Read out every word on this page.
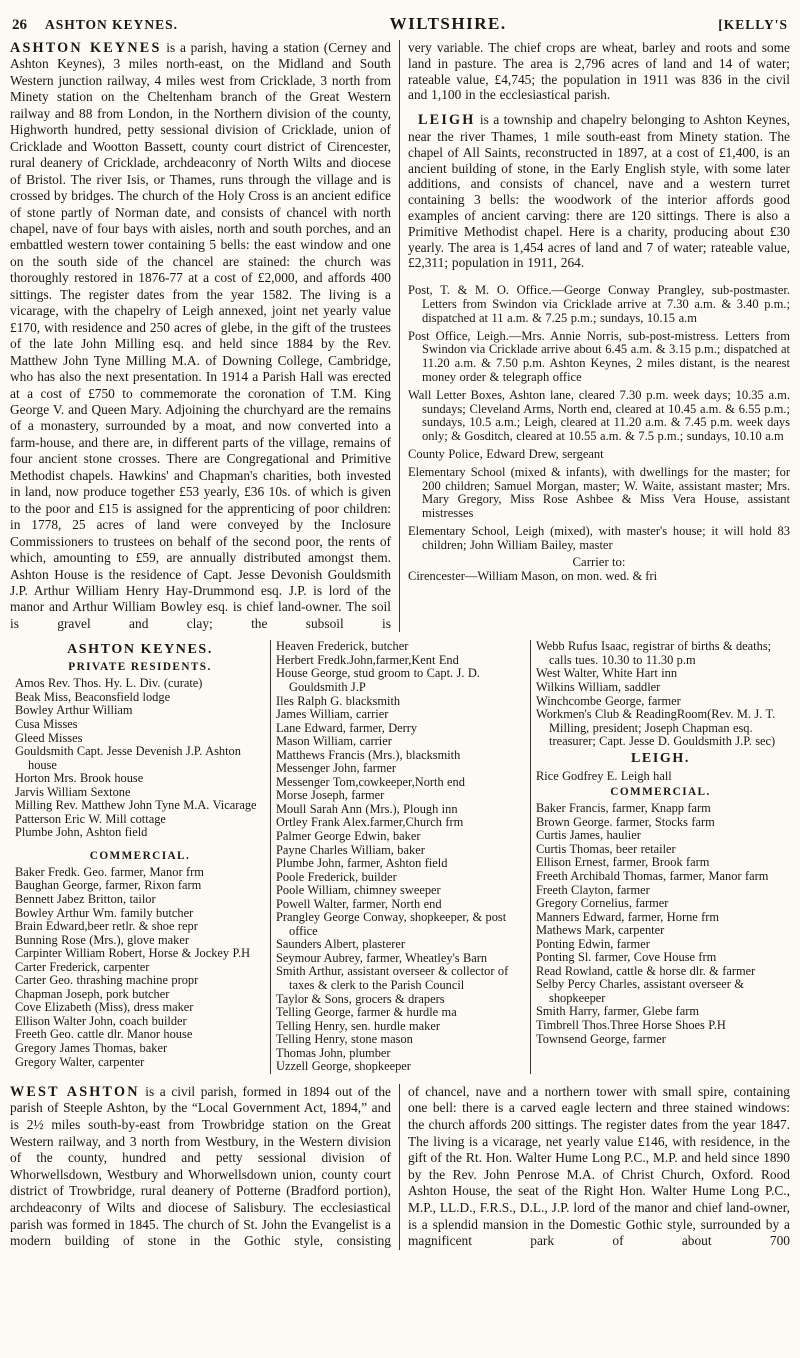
26 ASHTON KEYNES.	WILTSHIRE.	[KELLY'S

ASHTON KEYNES is a parish, having a station (Cerney and Ashton Keynes), 3 miles north-east, on the Midland and South Western junction railway, 4 miles west from Cricklade, 3 north from Minety station on the Cheltenham branch of the Great Western railway and 88 from London, in the Northern division of the county, Highworth hundred, petty sessional division of Cricklade, union of Cricklade and Wootton Bassett, county court district of Cirencester, rural deanery of Cricklade, archdeaconry of North Wilts and diocese of Bristol. The river Isis, or Thames, runs through the village and is crossed by bridges. The church of the Holy Cross is an ancient edifice of stone partly of Norman date, and consists of chancel with north chapel, nave of four bays with aisles, north and south porches, and an embattled western tower containing 5 bells: the east window and one on the south side of the chancel are stained: the church was thoroughly restored in 1876-77 at a cost of £2,000, and affords 400 sittings. The register dates from the year 1582. The living is a vicarage, with the chapelry of Leigh annexed, joint net yearly value £170, with residence and 250 acres of glebe, in the gift of the trustees of the late John Milling esq. and held since 1884 by the Rev. Matthew John Tyne Milling M.A. of Downing College, Cambridge, who has also the next presentation. In 1914 a Parish Hall was erected at a cost of £750 to commemorate the coronation of T.M. King George V. and Queen Mary. Adjoining the churchyard are the remains of a monastery, surrounded by a moat, and now converted into a farm-house, and there are, in different parts of the village, remains of four ancient stone crosses. There are Congregational and Primitive Methodist chapels. Hawkins' and Chapman's charities, both invested in land, now produce together £53 yearly, £36 10s. of which is given to the poor and £15 is assigned for the apprenticing of poor children: in 1778, 25 acres of land were conveyed by the Inclosure Commissioners to trustees on behalf of the second poor, the rents of which, amounting to £59, are annually distributed amongst them. Ashton House is the residence of Capt. Jesse Devonish Gouldsmith J.P. Arthur William Henry Hay-Drummond esq. J.P. is lord of the manor and Arthur William Bowley esq. is chief land-owner. The soil is gravel and clay; the subsoil is

very variable. The chief crops are wheat, barley and roots and some land in pasture. The area is 2,796 acres of land and 14 of water; rateable value, £4,745; the population in 1911 was 836 in the civil and 1,100 in the ecclesiastical parish.

LEIGH is a township and chapelry belonging to Ashton Keynes, near the river Thames, 1 mile south-east from Minety station. The chapel of All Saints, reconstructed in 1897, at a cost of £1,400, is an ancient building of stone, in the Early English style, with some later additions, and consists of chancel, nave and a western turret containing 3 bells: the woodwork of the interior affords good examples of ancient carving: there are 120 sittings. There is also a Primitive Methodist chapel. Here is a charity, producing about £30 yearly. The area is 1,454 acres of land and 7 of water; rateable value, £2,311; population in 1911, 264.

Post, T. & M. O. Office.—George Conway Prangley, sub-postmaster. Letters from Swindon via Cricklade arrive at 7.30 a.m. & 3.40 p.m.; dispatched at 11 a.m. & 7.25 p.m.; sundays, 10.15 a.m

Post Office, Leigh.—Mrs. Annie Norris, sub-post-mistress. Letters from Swindon via Cricklade arrive about 6.45 a.m. & 3.15 p.m.; dispatched at 11.20 a.m. & 7.50 p.m. Ashton Keynes, 2 miles distant, is the nearest money order & telegraph office

Wall Letter Boxes, Ashton lane, cleared 7.30 p.m. week days; 10.35 a.m. sundays; Cleveland Arms, North end, cleared at 10.45 a.m. & 6.55 p.m.; sundays, 10.5 a.m.; Leigh, cleared at 11.20 a.m. & 7.45 p.m. week days only; & Gosditch, cleared at 10.55 a.m. & 7.5 p.m.; sundays, 10.10 a.m

County Police, Edward Drew, sergeant

Elementary School (mixed & infants), with dwellings for the master; for 200 children; Samuel Morgan, master; W. Waite, assistant master; Mrs. Mary Gregory, Miss Rose Ashbee & Miss Vera House, assistant mistresses

Elementary School, Leigh (mixed), with master's house; it will hold 83 children; John William Bailey, master

Carrier to:

Cirencester—William Mason, on mon. wed. & fri

ASHTON KEYNES.
PRIVATE RESIDENTS.

Amos Rev. Thos. Hy. L. Div. (curate)

Beak Miss, Beaconsfield lodge

Bowley Arthur William

Cusa Misses

Gleed Misses

Gouldsmith Capt. Jesse Devenish J.P. Ashton house

Horton Mrs. Brook house

Jarvis William Sextone

Milling Rev. Matthew John Tyne M.A. Vicarage

Patterson Eric W. Mill cottage

Plumbe John, Ashton field

COMMERCIAL.

Baker Fredk. Geo. farmer, Manor frm

Baughan George, farmer, Rixon farm

Bennett Jabez Britton, tailor

Bowley Arthur Wm. family butcher

Brain Edward,beer retlr. & shoe repr

Bunning Rose (Mrs.), glove maker

Carpinter William Robert, Horse & Jockey P.H

Carter Frederick, carpenter

Carter Geo. thrashing machine propr

Chapman Joseph, pork butcher

Cove Elizabeth (Miss), dress maker

Ellison Walter John, coach builder

Freeth Geo. cattle dlr. Manor house

Gregory James Thomas, baker

Gregory Walter, carpenter

Heaven Frederick, butcher

Herbert Fredk.John,farmer,Kent End

House George, stud groom to Capt. J. D. Gouldsmith J.P

Iles Ralph G. blacksmith

James William, carrier

Lane Edward, farmer, Derry

Mason William, carrier

Matthews Francis (Mrs.), blacksmith

Messenger John, farmer

Messenger Tom,cowkeeper,North end

Morse Joseph, farmer

Moull Sarah Ann (Mrs.), Plough inn

Ortley Frank Alex.farmer,Church frm

Palmer George Edwin, baker

Payne Charles William, baker

Plumbe John, farmer, Ashton field

Poole Frederick, builder

Poole William, chimney sweeper

Powell Walter, farmer, North end

Prangley George Conway, shopkeeper, & post office

Saunders Albert, plasterer

Seymour Aubrey, farmer, Wheatley's Barn

Smith Arthur, assistant overseer & collector of taxes & clerk to the Parish Council

Taylor & Sons, grocers & drapers

Telling George, farmer & hurdle ma

Telling Henry, sen. hurdle maker

Telling Henry, stone mason

Thomas John, plumber

Uzzell George, shopkeeper

Webb Rufus Isaac, registrar of births & deaths; calls tues. 10.30 to 11.30 p.m

West Walter, White Hart inn

Wilkins William, saddler

Winchcombe George, farmer

Workmen's Club & ReadingRoom(Rev. M. J. T. Milling, president; Joseph Chapman esq. treasurer; Capt. Jesse D. Gouldsmith J.P. sec)

LEIGH.

Rice Godfrey E. Leigh hall

COMMERCIAL.

Baker Francis, farmer, Knapp farm

Brown George. farmer, Stocks farm

Curtis James, haulier

Curtis Thomas, beer retailer

Ellison Ernest, farmer, Brook farm

Freeth Archibald Thomas, farmer, Manor farm

Freeth Clayton, farmer

Gregory Cornelius, farmer

Manners Edward, farmer, Horne frm

Mathews Mark, carpenter

Ponting Edwin, farmer

Ponting Sl. farmer, Cove House frm

Read Rowland, cattle & horse dlr. & farmer

Selby Percy Charles, assistant overseer & shopkeeper

Smith Harry, farmer, Glebe farm

Timbrell Thos.Three Horse Shoes P.H

Townsend George, farmer

WEST ASHTON is a civil parish, formed in 1894 out of the parish of Steeple Ashton, by the “Local Government Act, 1894,” and is 2½ miles south-by-east from Trowbridge station on the Great Western railway, and 3 north from Westbury, in the Western division of the county, hundred and petty sessional division of Whorwellsdown, Westbury and Whorwellsdown union, county court district of Trowbridge, rural deanery of Potterne (Bradford portion), archdeaconry of Wilts and diocese of Salisbury. The ecclesiastical parish was formed in 1845. The church of St. John the Evangelist is a modern building of stone in the Gothic style, consisting

of chancel, nave and a northern tower with small spire, containing one bell: there is a carved eagle lectern and three stained windows: the church affords 200 sittings. The register dates from the year 1847. The living is a vicarage, net yearly value £146, with residence, in the gift of the Rt. Hon. Walter Hume Long P.C., M.P. and held since 1890 by the Rev. John Penrose M.A. of Christ Church, Oxford. Rood Ashton House, the seat of the Right Hon. Walter Hume Long P.C., M.P., LL.D., F.R.S., D.L., J.P. lord of the manor and chief land-owner, is a splendid mansion in the Domestic Gothic style, surrounded by a magnificent park of about 700
